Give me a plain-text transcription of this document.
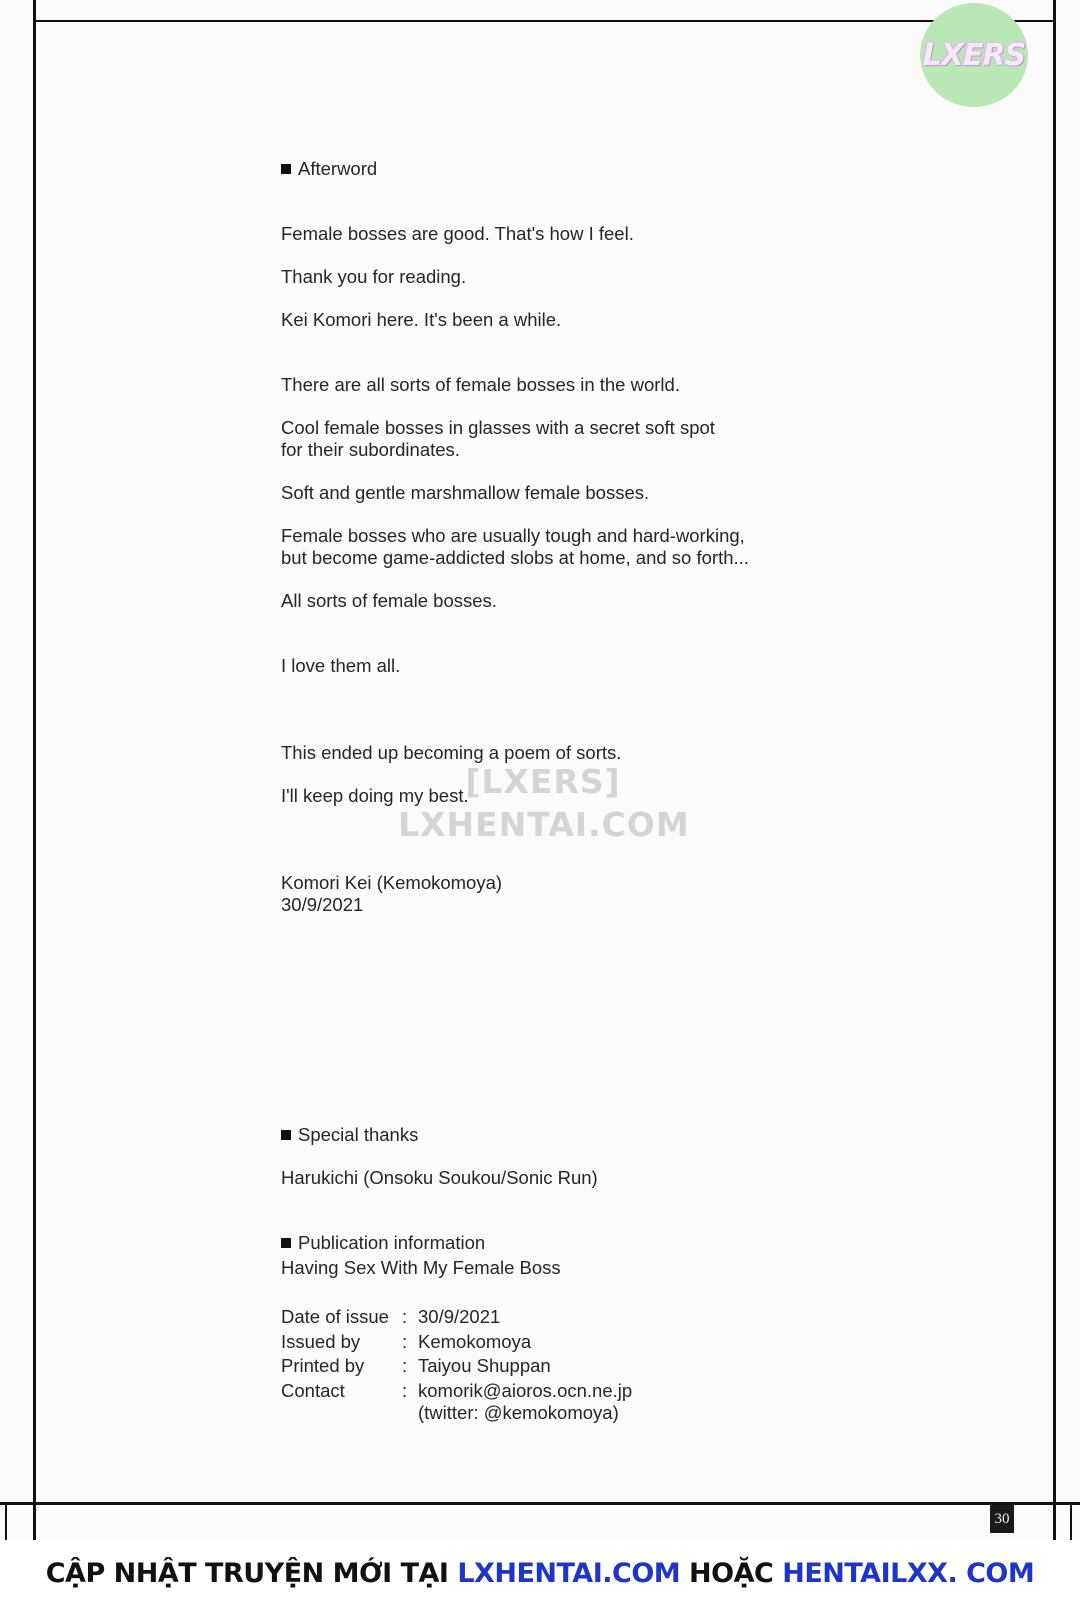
LXERS
Afterword
Female bosses are good. That's how I feel.
Thank you for reading.
Kei Komori here. It's been a while.
There are all sorts of female bosses in the world.
Cool female bosses in glasses with a secret soft spot
for their subordinates.
Soft and gentle marshmallow female bosses.
Female bosses who are usually tough and hard-working,
but become game-addicted slobs at home, and so forth...
All sorts of female bosses.
I love them all.
This ended up becoming a poem of sorts.
I'll keep doing my best.
[LXERS]
LXHENTAI.COM
Komori Kei (Kemokomoya)
30/9/2021
Special thanks
Harukichi (Onsoku Soukou/Sonic Run)
Publication information
Having Sex With My Female Boss
Date of issue : 30/9/2021
Issued by	: Kemokomoya
Printed by	: Taiyou Shuppan
Contact	: komorik@aioros.ocn.ne.jp
(twitter: @kemokomoya)
30
CẬP NHẬT TRUYỆN MỚI TẠI LXHENTAI.COM HOẶC HENTAILXX. COM
